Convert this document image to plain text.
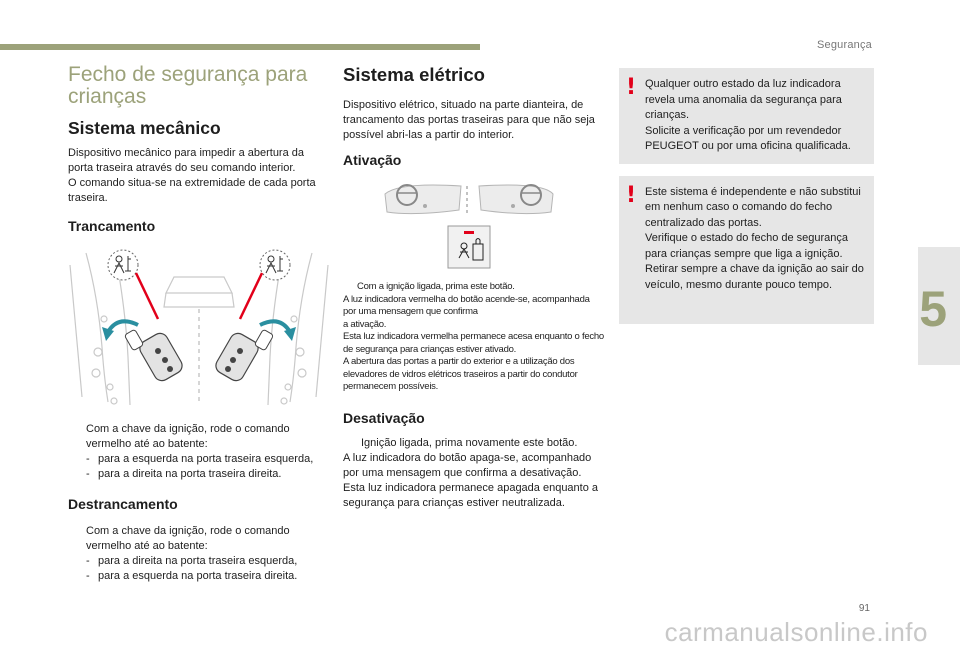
Segurança
5
Fecho de segurança para crianças
Sistema mecânico
Dispositivo mecânico para impedir a abertura da porta traseira através do seu comando interior.
O comando situa-se na extremidade de cada porta traseira.
Trancamento
Com a chave da ignição, rode o comando vermelho até ao batente:
- para a esquerda na porta traseira esquerda,
- para a direita na porta traseira direita.
Destrancamento
Com a chave da ignição, rode o comando vermelho até ao batente:
- para a direita na porta traseira esquerda,
- para a esquerda na porta traseira direita.
Sistema elétrico
Dispositivo elétrico, situado na parte dianteira, de trancamento das portas traseiras para que não seja possível abri-las a partir do interior.
Ativação
Com a ignição ligada, prima este botão.
A luz indicadora vermelha do botão acende-se, acompanhada por uma mensagem que confirma
a ativação.
Esta luz indicadora vermelha permanece acesa enquanto o fecho de segurança para crianças estiver ativado.
A abertura das portas a partir do exterior e a utilização dos elevadores de vidros elétricos traseiros a partir do condutor permanecem possíveis.
Desativação
Ignição ligada, prima novamente este botão.
A luz indicadora do botão apaga-se, acompanhado por uma mensagem que confirma a desativação.
Esta luz indicadora permanece apagada enquanto a segurança para crianças estiver neutralizada.
! Qualquer outro estado da luz indicadora revela uma anomalia da segurança para crianças.
Solicite a verificação por um revendedor PEUGEOT ou por uma oficina qualificada.
! Este sistema é independente e não substitui em nenhum caso o comando do fecho centralizado das portas.
Verifique o estado do fecho de segurança para crianças sempre que liga a ignição.
Retirar sempre a chave da ignição ao sair do veículo, mesmo durante pouco tempo.
91
carmanualsonline.info
